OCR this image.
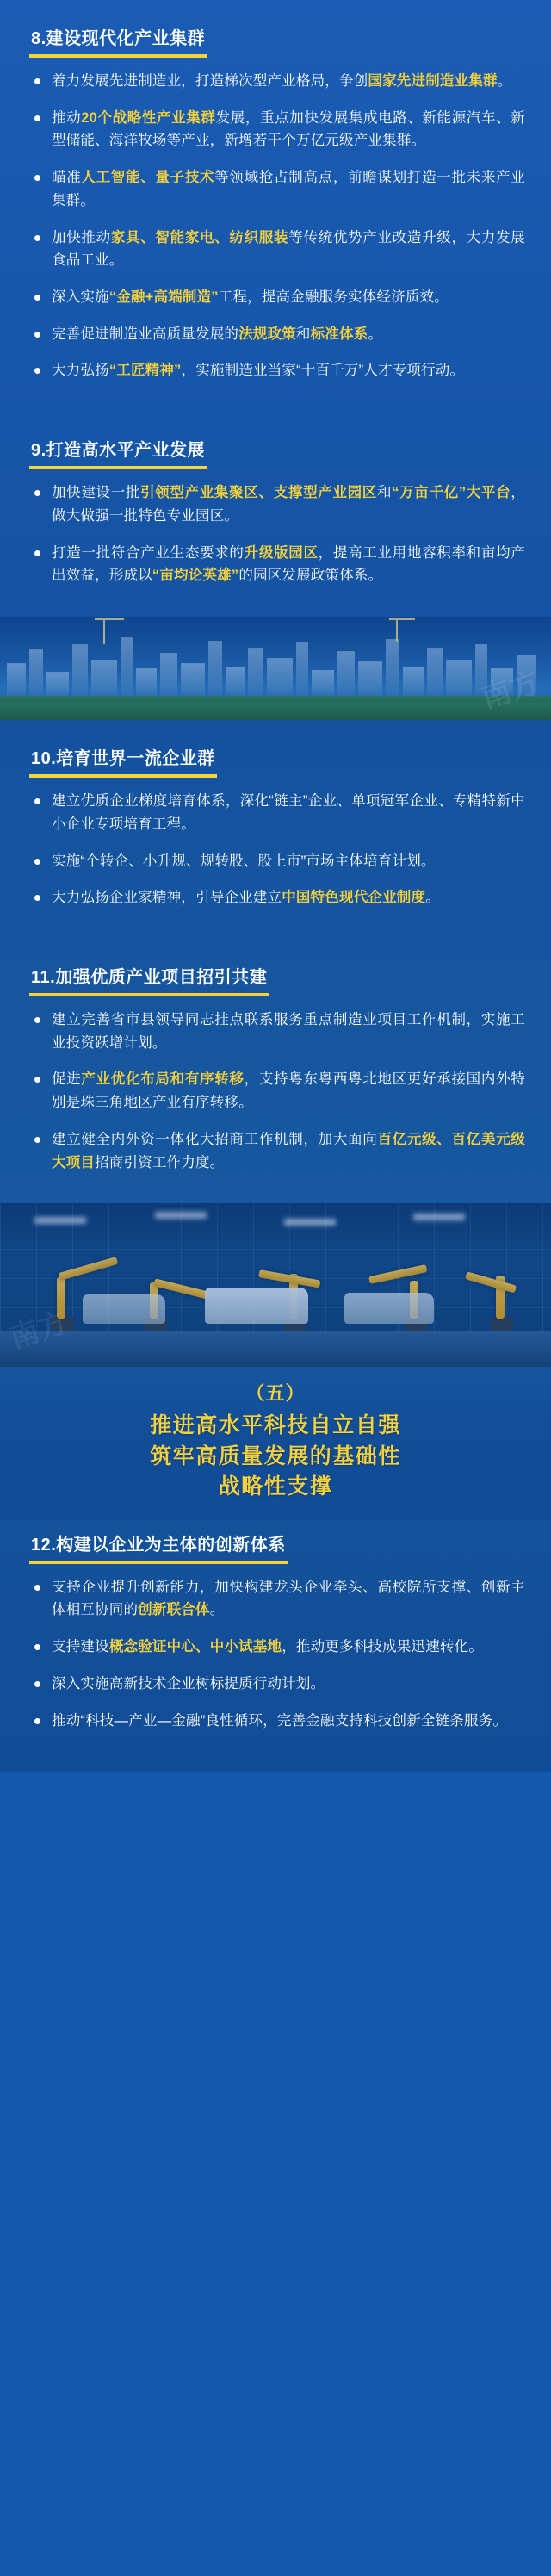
8.建设现代化产业集群
着力发展先进制造业，打造梯次型产业格局，争创国家先进制造业集群。
推动20个战略性产业集群发展，重点加快发展集成电路、新能源汽车、新型储能、海洋牧场等产业，新增若干个万亿元级产业集群。
瞄准人工智能、量子技术等领域抢占制高点，前瞻谋划打造一批未来产业集群。
加快推动家具、智能家电、纺织服装等传统优势产业改造升级，大力发展食品工业。
深入实施“金融+高端制造”工程，提高金融服务实体经济质效。
完善促进制造业高质量发展的法规政策和标准体系。
大力弘扬“工匠精神”，实施制造业当家“十百千万”人才专项行动。
9.打造高水平产业发展
加快建设一批引领型产业集聚区、支撑型产业园区和“万亩千亿”大平台，做大做强一批特色专业园区。
打造一批符合产业生态要求的升级版园区，提高工业用地容积率和亩均产出效益，形成以“亩均论英雄”的园区发展政策体系。
10.培育世界一流企业群
建立优质企业梯度培育体系，深化“链主”企业、单项冠军企业、专精特新中小企业专项培育工程。
实施“个转企、小升规、规转股、股上市”市场主体培育计划。
大力弘扬企业家精神，引导企业建立中国特色现代企业制度。
11.加强优质产业项目招引共建
建立完善省市县领导同志挂点联系服务重点制造业项目工作机制，实施工业投资跃增计划。
促进产业优化布局和有序转移，支持粤东粤西粤北地区更好承接国内外特别是珠三角地区产业有序转移。
建立健全内外资一体化大招商工作机制，加大面向百亿元级、百亿美元级大项目招商引资工作力度。
（五）
推进高水平科技自立自强
筑牢高质量发展的基础性
战略性支撑
12.构建以企业为主体的创新体系
支持企业提升创新能力，加快构建龙头企业牵头、高校院所支撑、创新主体相互协同的创新联合体。
支持建设概念验证中心、中小试基地，推动更多科技成果迅速转化。
深入实施高新技术企业树标提质行动计划。
推动“科技—产业—金融”良性循环，完善金融支持科技创新全链条服务。
